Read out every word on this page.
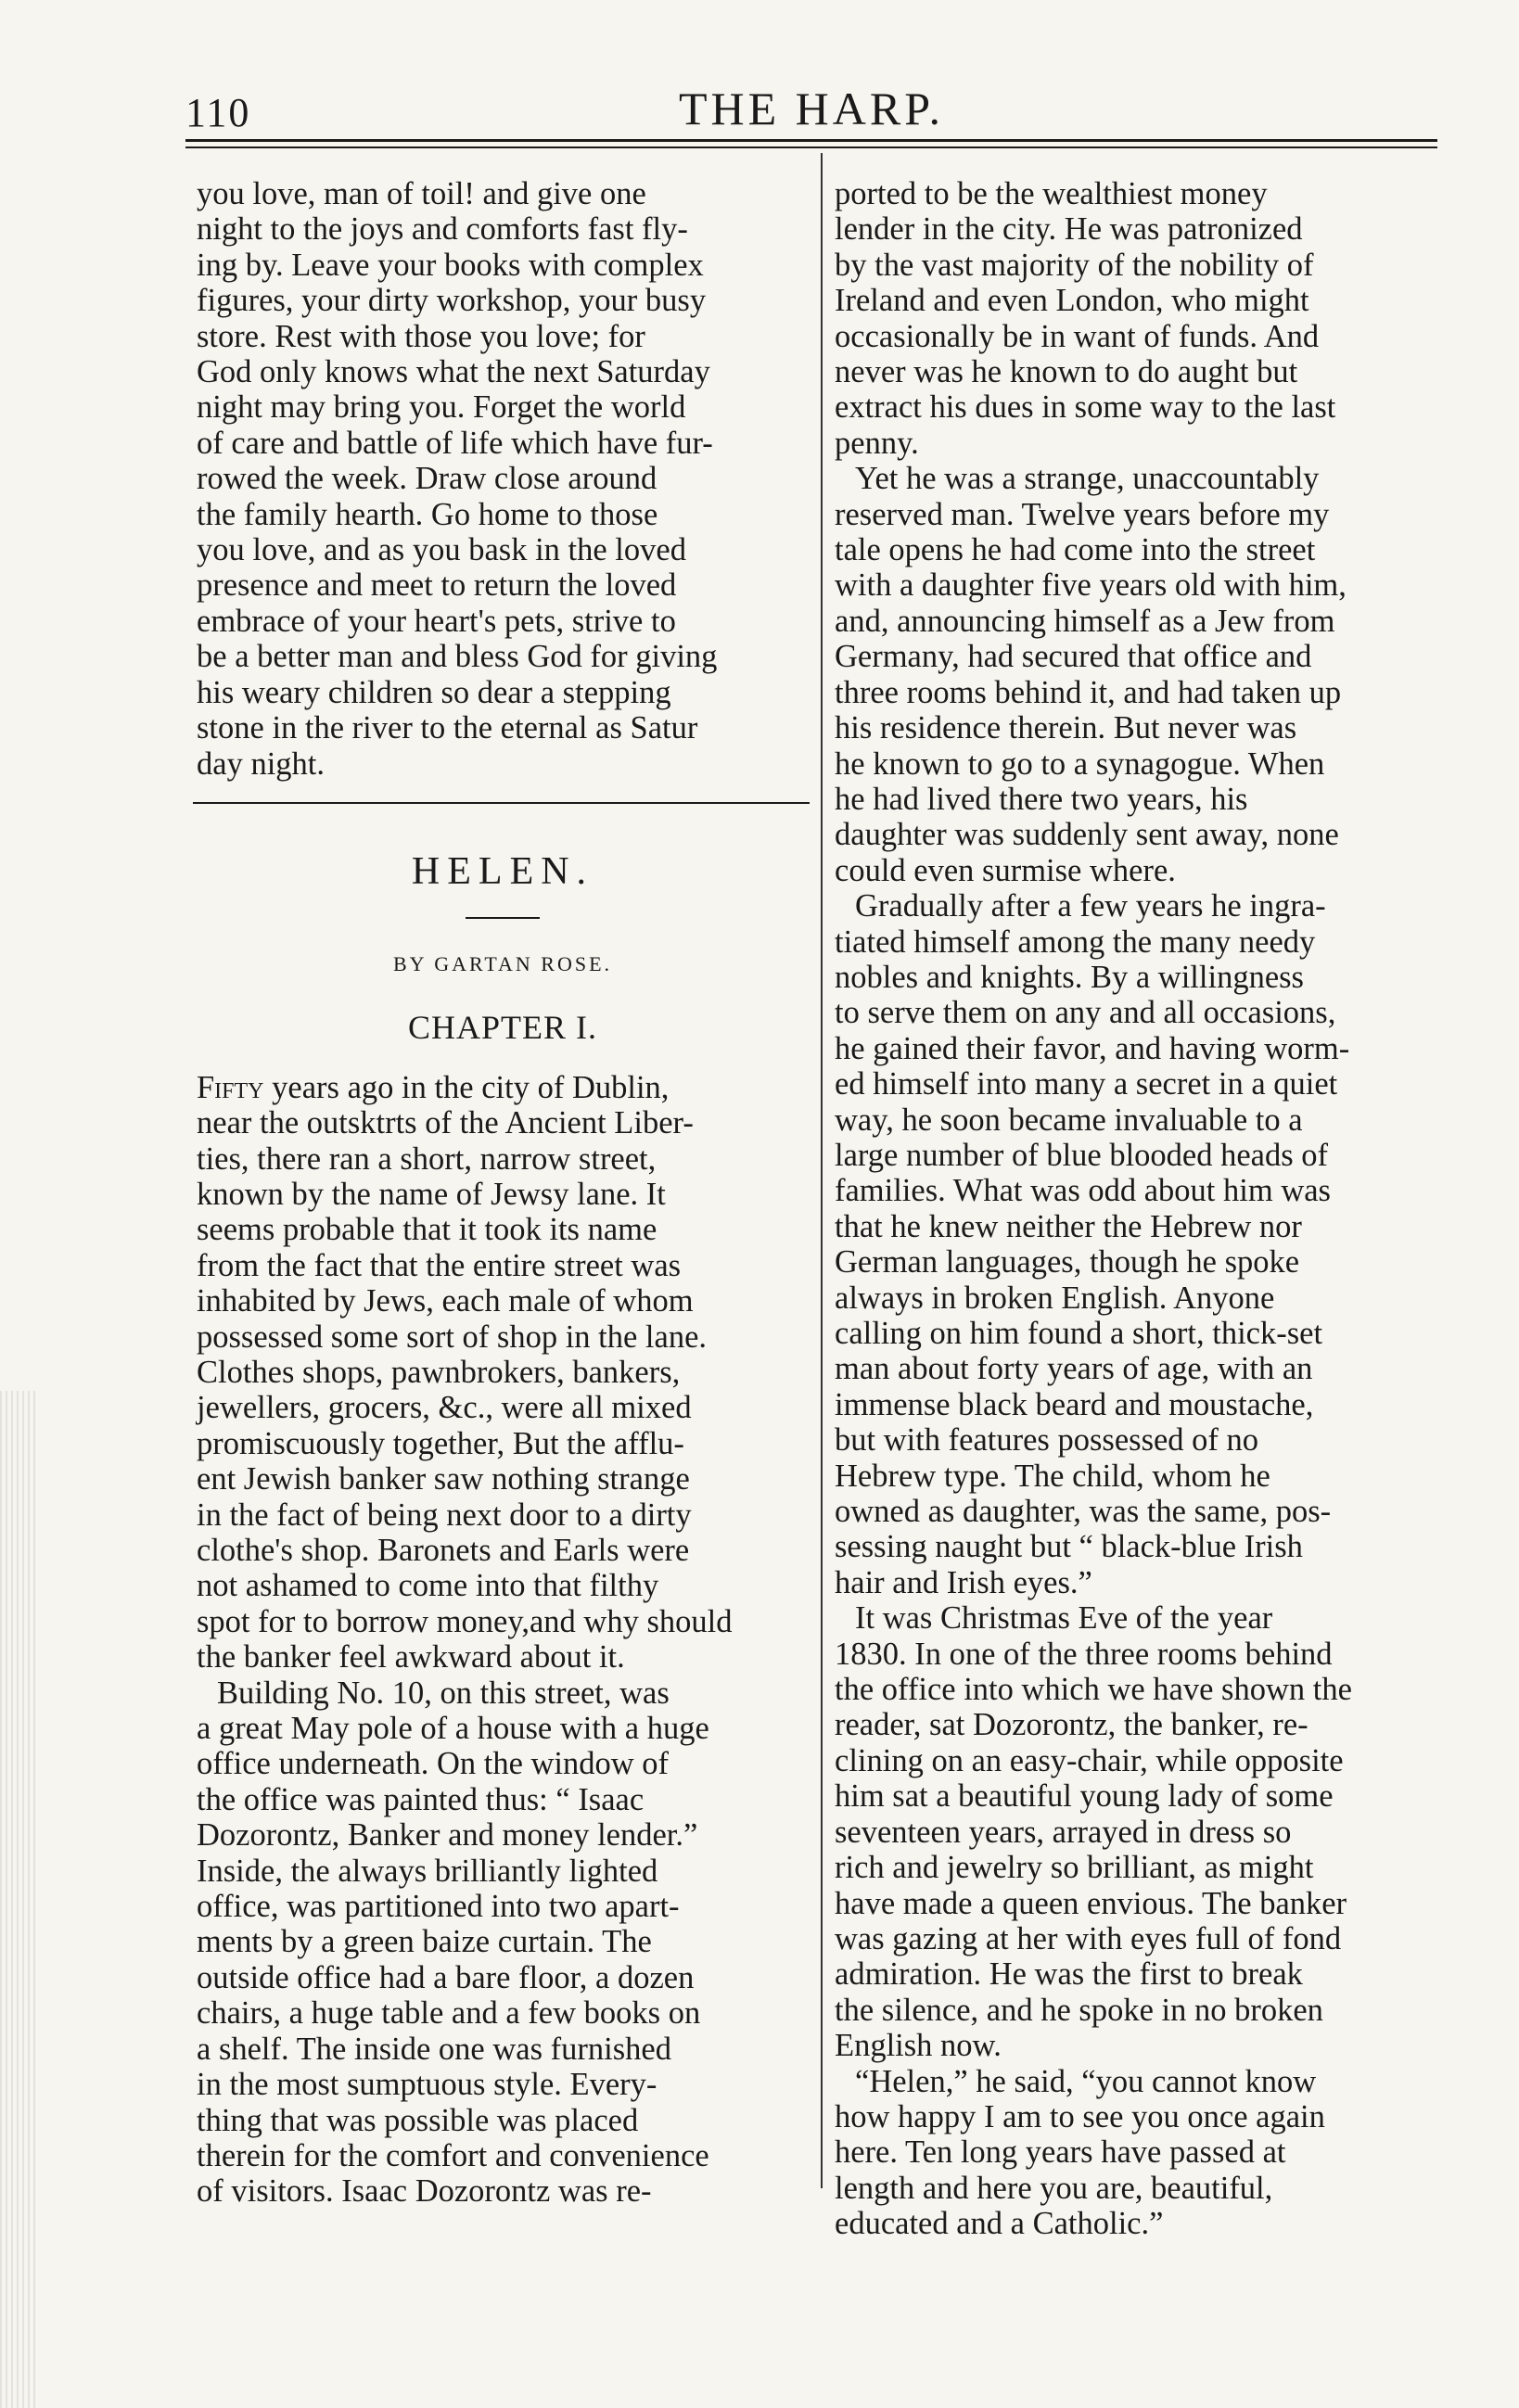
110	THE HARP.

you love, man of toil! and give one
night to the joys and comforts fast fly-
ing by. Leave your books with complex
figures, your dirty workshop, your busy
store. Rest with those you love; for
God only knows what the next Saturday
night may bring you. Forget the world
of care and battle of life which have fur-
rowed the week. Draw close around
the family hearth. Go home to those
you love, and as you bask in the loved
presence and meet to return the loved
embrace of your heart's pets, strive to
be a better man and bless God for giving
his weary children so dear a stepping
stone in the river to the eternal as Satur
day night.

HELEN.
BY GARTAN ROSE.
CHAPTER I.

Fifty years ago in the city of Dublin,
near the outsktrts of the Ancient Liber-
ties, there ran a short, narrow street,
known by the name of Jewsy lane. It
seems probable that it took its name
from the fact that the entire street was
inhabited by Jews, each male of whom
possessed some sort of shop in the lane.
Clothes shops, pawnbrokers, bankers,
jewellers, grocers, &c., were all mixed
promiscuously together, But the afflu-
ent Jewish banker saw nothing strange
in the fact of being next door to a dirty
clothe's shop. Baronets and Earls were
not ashamed to come into that filthy
spot for to borrow money,and why should
the banker feel awkward about it.

Building No. 10, on this street, was
a great May pole of a house with a huge
office underneath. On the window of
the office was painted thus: “ Isaac
Dozorontz, Banker and money lender.”
Inside, the always brilliantly lighted
office, was partitioned into two apart-
ments by a green baize curtain. The
outside office had a bare floor, a dozen
chairs, a huge table and a few books on
a shelf. The inside one was furnished
in the most sumptuous style. Every-
thing that was possible was placed
therein for the comfort and convenience
of visitors. Isaac Dozorontz was re-

ported to be the wealthiest money
lender in the city. He was patronized
by the vast majority of the nobility of
Ireland and even London, who might
occasionally be in want of funds. And
never was he known to do aught but
extract his dues in some way to the last
penny.

Yet he was a strange, unaccountably
reserved man. Twelve years before my
tale opens he had come into the street
with a daughter five years old with him,
and, announcing himself as a Jew from
Germany, had secured that office and
three rooms behind it, and had taken up
his residence therein. But never was
he known to go to a synagogue. When
he had lived there two years, his
daughter was suddenly sent away, none
could even surmise where.

Gradually after a few years he ingra-
tiated himself among the many needy
nobles and knights. By a willingness
to serve them on any and all occasions,
he gained their favor, and having worm-
ed himself into many a secret in a quiet
way, he soon became invaluable to a
large number of blue blooded heads of
families. What was odd about him was
that he knew neither the Hebrew nor
German languages, though he spoke
always in broken English. Anyone
calling on him found a short, thick-set
man about forty years of age, with an
immense black beard and moustache,
but with features possessed of no
Hebrew type. The child, whom he
owned as daughter, was the same, pos-
sessing naught but “ black-blue Irish
hair and Irish eyes.”

It was Christmas Eve of the year
1830. In one of the three rooms behind
the office into which we have shown the
reader, sat Dozorontz, the banker, re-
clining on an easy-chair, while opposite
him sat a beautiful young lady of some
seventeen years, arrayed in dress so
rich and jewelry so brilliant, as might
have made a queen envious. The banker
was gazing at her with eyes full of fond
admiration. He was the first to break
the silence, and he spoke in no broken
English now.

“Helen,” he said, “you cannot know
how happy I am to see you once again
here. Ten long years have passed at
length and here you are, beautiful,
educated and a Catholic.”
